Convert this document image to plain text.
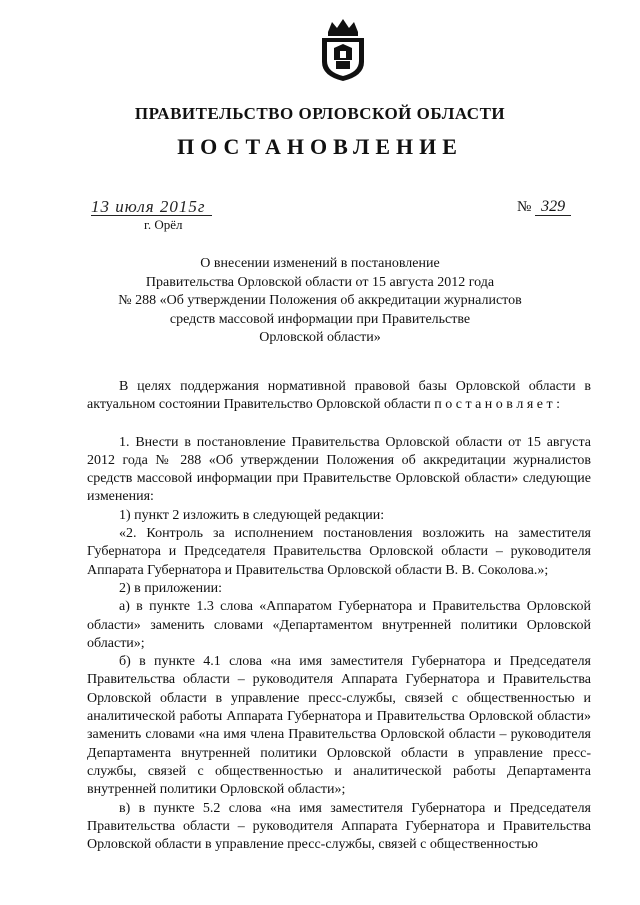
ПРАВИТЕЛЬСТВО ОРЛОВСКОЙ ОБЛАСТИ
ПОСТАНОВЛЕНИЕ
13 июля 2015г
г. Орёл
№ 329
О внесении изменений в постановление
Правительства Орловской области от 15 августа 2012 года
№ 288 «Об утверждении Положения об аккредитации журналистов
средств массовой информации при Правительстве
Орловской области»

В целях поддержания нормативной правовой базы Орловской области в актуальном состоянии Правительство Орловской области п о с т а н о в л я е т :

1. Внести в постановление Правительства Орловской области от 15 августа 2012 года № 288 «Об утверждении Положения об аккредитации журналистов средств массовой информации при Правительстве Орловской области» следующие изменения:

1) пункт 2 изложить в следующей редакции:

«2. Контроль за исполнением постановления возложить на заместителя Губернатора и Председателя Правительства Орловской области – руководителя Аппарата Губернатора и Правительства Орловской области В. В. Соколова.»;

2) в приложении:

а) в пункте 1.3 слова «Аппаратом Губернатора и Правительства Орловской области» заменить словами «Департаментом внутренней политики Орловской области»;

б) в пункте 4.1 слова «на имя заместителя Губернатора и Председателя Правительства области – руководителя Аппарата Губернатора и Правительства Орловской области в управление пресс-службы, связей с общественностью и аналитической работы Аппарата Губернатора и Правительства Орловской области» заменить словами «на имя члена Правительства Орловской области – руководителя Департамента внутренней политики Орловской области в управление пресс-службы, связей с общественностью и аналитической работы Департамента внутренней политики Орловской области»;

в) в пункте 5.2 слова «на имя заместителя Губернатора и Председателя Правительства области – руководителя Аппарата Губернатора и Правительства Орловской области в управление пресс-службы, связей с общественностью
